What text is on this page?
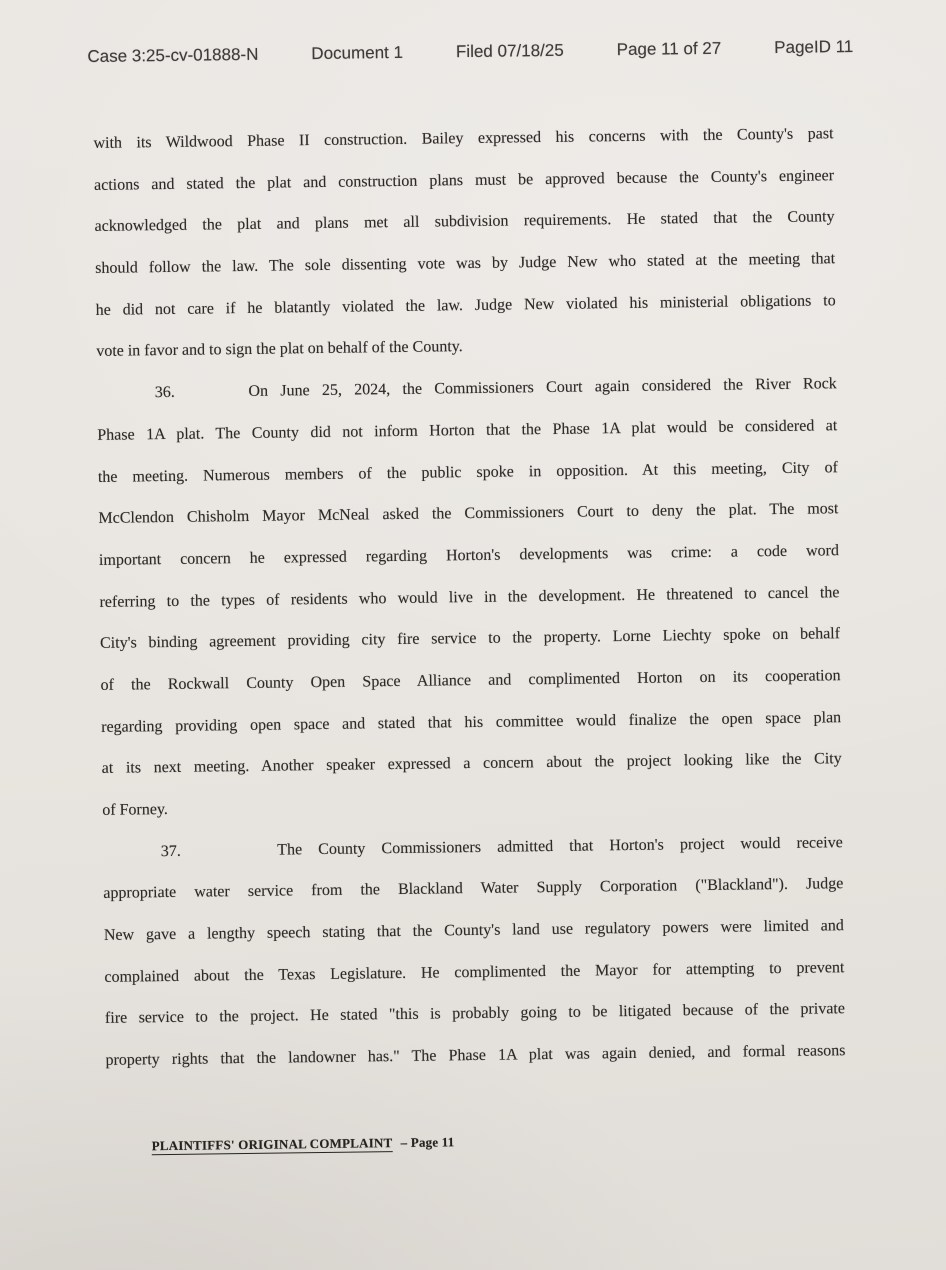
Case 3:25-cv-01888-N	Document 1	Filed 07/18/25	Page 11 of 27	PageID 11
with its Wildwood Phase II construction. Bailey expressed his concerns with the County's past
actions and stated the plat and construction plans must be approved because the County's engineer
acknowledged the plat and plans met all subdivision requirements. He stated that the County
should follow the law. The sole dissenting vote was by Judge New who stated at the meeting that
he did not care if he blatantly violated the law. Judge New violated his ministerial obligations to
vote in favor and to sign the plat on behalf of the County.
36.      On June 25, 2024, the Commissioners Court again considered the River Rock
Phase 1A plat. The County did not inform Horton that the Phase 1A plat would be considered at
the meeting. Numerous members of the public spoke in opposition. At this meeting, City of
McClendon Chisholm Mayor McNeal asked the Commissioners Court to deny the plat. The most
important concern he expressed regarding Horton's developments was crime: a code word
referring to the types of residents who would live in the development. He threatened to cancel the
City's binding agreement providing city fire service to the property. Lorne Liechty spoke on behalf
of the Rockwall County Open Space Alliance and complimented Horton on its cooperation
regarding providing open space and stated that his committee would finalize the open space plan
at its next meeting. Another speaker expressed a concern about the project looking like the City
of Forney.
37.      The County Commissioners admitted that Horton's project would receive
appropriate water service from the Blackland Water Supply Corporation ("Blackland"). Judge
New gave a lengthy speech stating that the County's land use regulatory powers were limited and
complained about the Texas Legislature. He complimented the Mayor for attempting to prevent
fire service to the project. He stated "this is probably going to be litigated because of the private
property rights that the landowner has." The Phase 1A plat was again denied, and formal reasons
PLAINTIFFS' ORIGINAL COMPLAINT – Page 11
